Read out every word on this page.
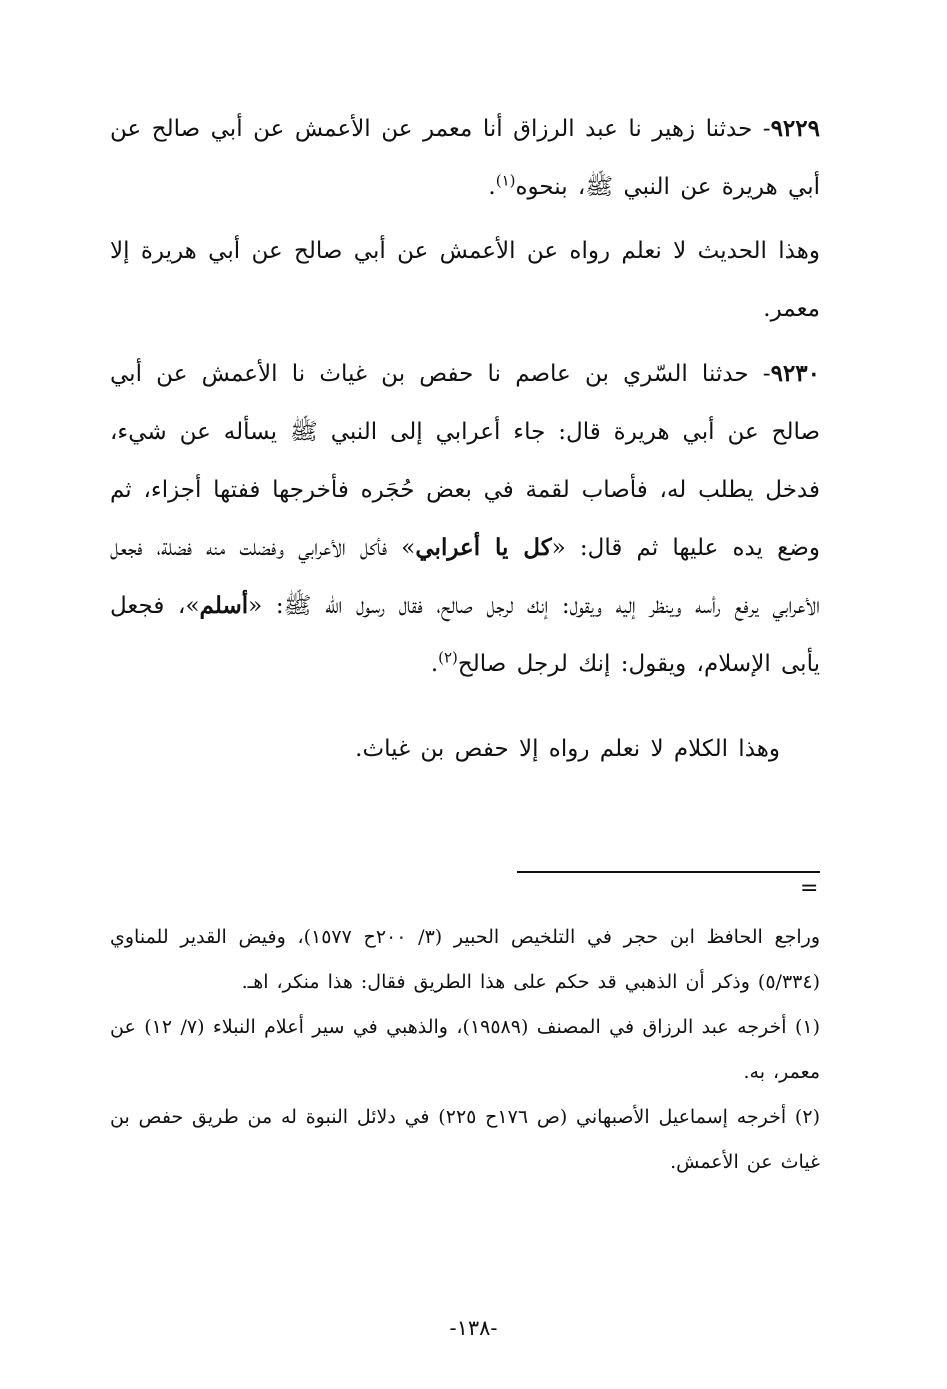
٩٢٢٩- حدثنا زهير نا عبد الرزاق أنا معمر عن الأعمش عن أبي صالح عن أبي هريرة عن النبي ﷺ، بنحوه$^{(١)}$.

وهذا الحديث لا نعلم رواه عن الأعمش عن أبي صالح عن أبي هريرة إلا معمر.

٩٢٣٠- حدثنا السّري بن عاصم نا حفص بن غياث نا الأعمش عن أبي صالح عن أبي هريرة قال: جاء أعرابي إلى النبي ﷺ يسأله عن شيء، فدخل يطلب له، فأصاب لقمة في بعض حُجَره فأخرجها ففتها أجزاء، ثم وضع يده عليها ثم قال: «كل يا أعرابي» فأكل الأعرابي وفضلت منه فضلة، فجعل الأعرابي يرفع رأسه وينظر إليه ويقول: إنك لرجل صالح، فقال رسول الله ﷺ: «أسلم»، فجعل يأبى الإسلام، ويقول: إنك لرجل صالح$^{(٢)}$.

وهذا الكلام لا نعلم رواه إلا حفص بن غياث.

=

وراجع الحافظ ابن حجر في التلخيص الحبير (٣/ ٢٠٠ح ١٥٧٧)، وفيض القدير للمناوي (٥/٣٣٤) وذكر أن الذهبي قد حكم على هذا الطريق فقال: هذا منكر، اهـ.

(١) أخرجه عبد الرزاق في المصنف (١٩٥٨٩)، والذهبي في سير أعلام النبلاء (٧/ ١٢) عن معمر، به.

(٢) أخرجه إسماعيل الأصبهاني (ص ١٧٦ح ٢٢٥) في دلائل النبوة له من طريق حفص بن غياث عن الأعمش.

-١٣٨-
